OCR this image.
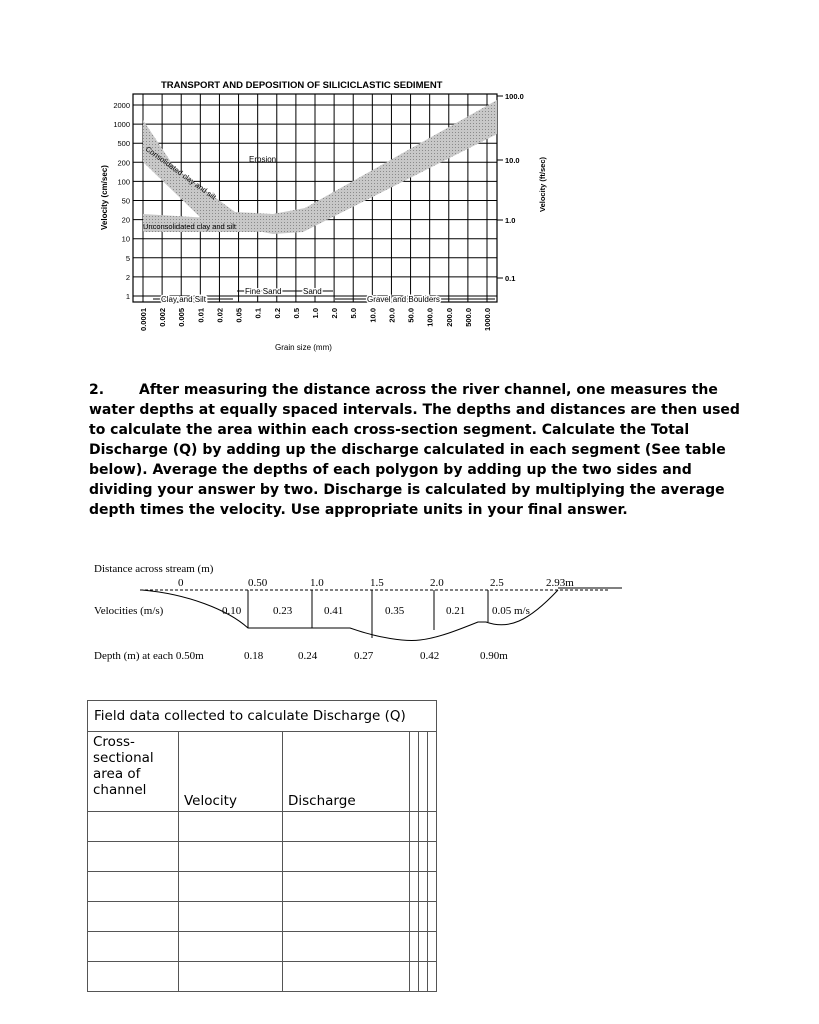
TRANSPORT AND DEPOSITION OF SILICICLASTIC SEDIMENT
Consolidated clay and silt
Unconsolidated clay and silt
Erosion
Clay and Silt
Fine Sand	Sand
Gravel and Boulders
Velocity (cm/sec)	Velocity (ft/sec)
Grain size (mm)
2000
1000
500
200
100
50
20
10
5
2
1
100.0
10.0
1.0
0.1
0.0001 0.002 0.005 0.01 0.02 0.05 0.1 0.2 0.5 1.0 2.0 5.0 10.0 20.0 50.0 100.0 200.0 500.0 1000.0
2. After measuring the distance across the river channel, one measures the water depths at equally spaced intervals. The depths and distances are then used to calculate the area within each cross-section segment. Calculate the Total Discharge (Q) by adding up the discharge calculated in each segment (See table below). Average the depths of each polygon by adding up the two sides and dividing your answer by two. Discharge is calculated by multiplying the average depth times the velocity. Use appropriate units in your final answer.
Distance across stream (m)
0	0.50	1.0	1.5	2.0	2.5	2.93m
Velocities (m/s)	0.10	0.23	0.41	0.35	0.21 0.05 m/s
Depth (m) at each 0.50m	0.18	0.24	0.27	0.42	0.90m
Field data collected to calculate Discharge (Q)					
Cross-
sectional
area of
channel	Velocity	Discharge			
